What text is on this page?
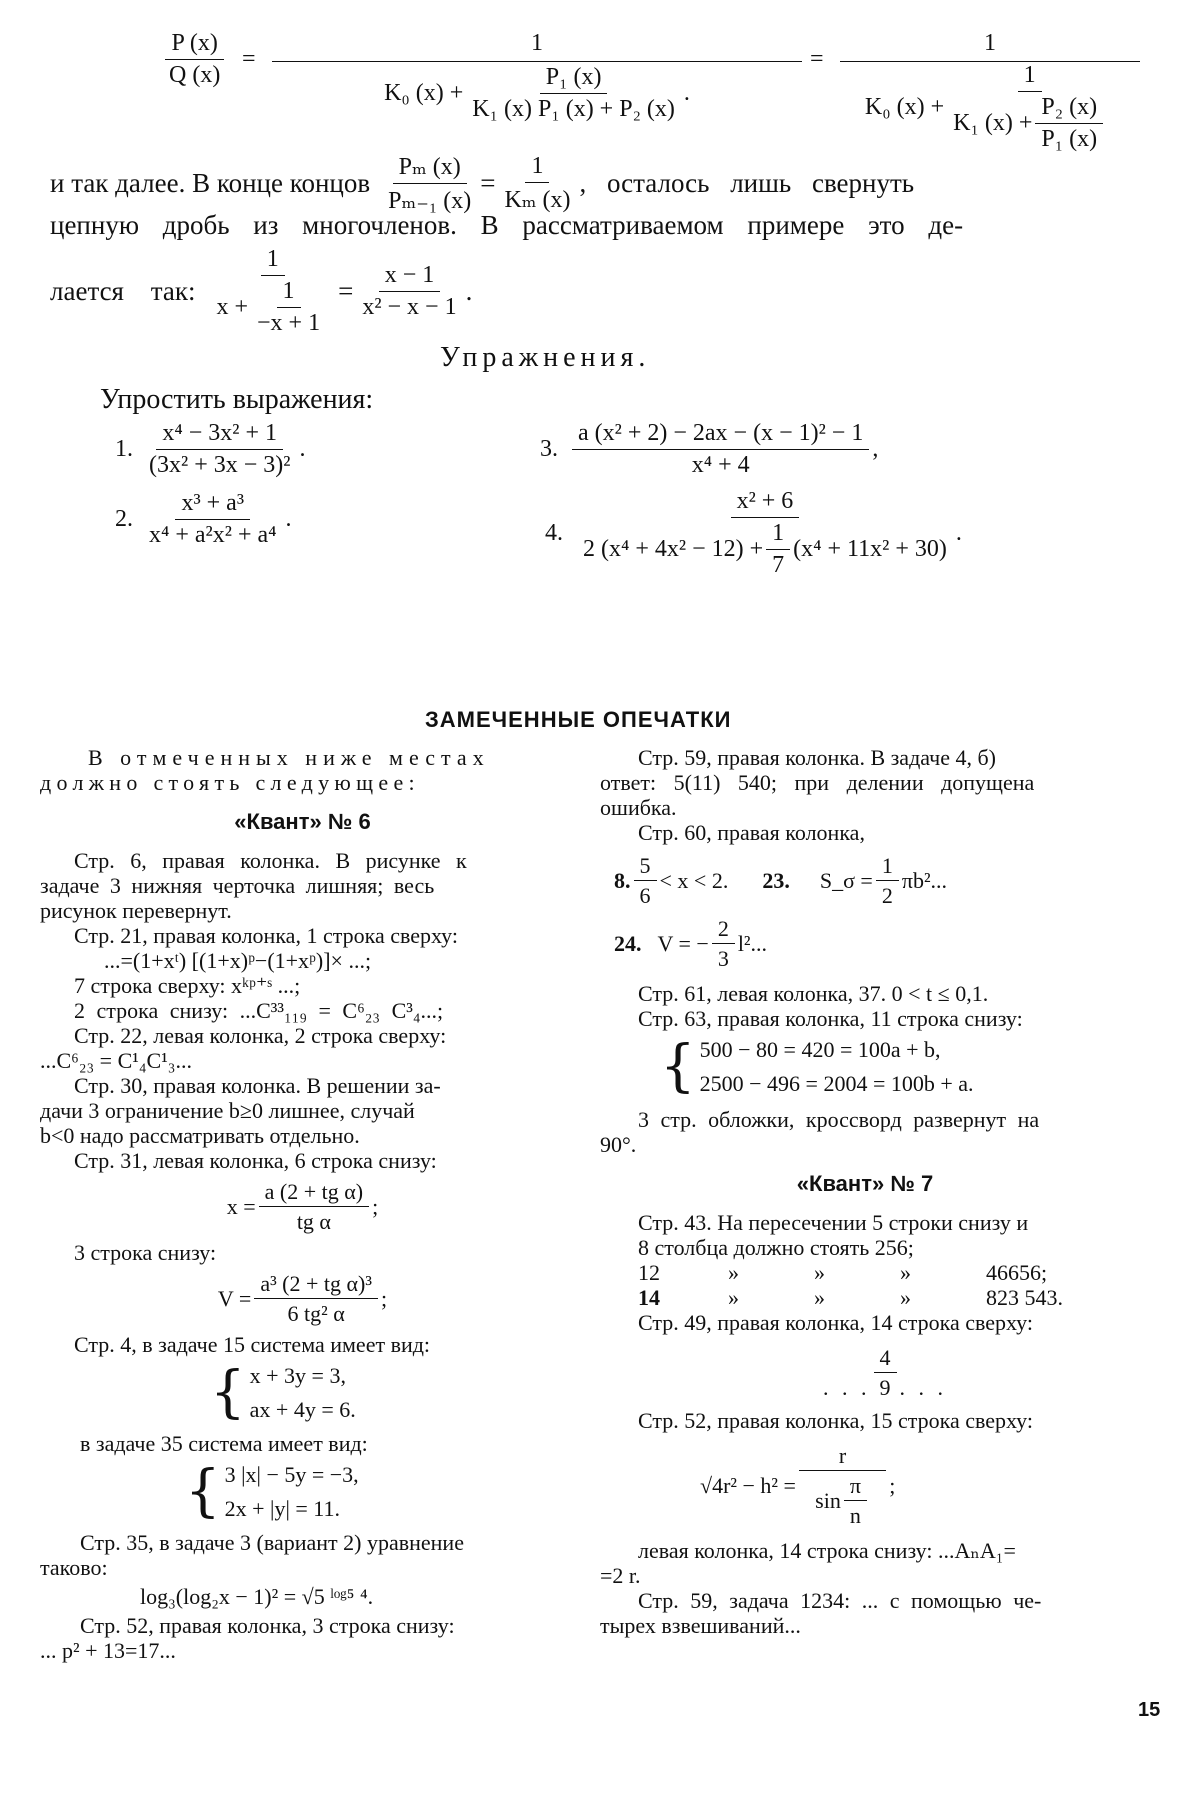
$\frac{P (x)}{Q (x)}$ =
1
K₀ $(x) + \frac{\text{P₁ (x)}}{\text{K₁ (x) P₁ (x) + P₂ (x)}}$ .
=
1
K₀ $(x) + \frac{1}{K_1 (x) + \frac{\text{P₂ (x)}}{\text{P₁ (x)}}}$
и так далее. В конце концов $\frac{\text{Pₘ (x)}}{\text{Pₘ₋₁ (x)}} = \frac{1}{\text{Kₘ (x)}}$ , осталось лишь свернуть
цепную дробь из многочленов. В рассматриваемом примере это де-
лается так: $\frac{1}{x + \frac{1}{-x + 1}} = \frac{x - 1}{\text{x² − x − 1}}$ .
Упражнения.
Упростить выражения:
1. $\frac{\text{x⁴ − 3x² + 1}}{\text{(3x² + 3x − 3)²}}$ .
2. $\frac{\text{x³ + a³}}{\text{x⁴ + a²x² + a⁴}}$ .
3. $\frac{\text{a (x² + 2) − 2ax − (x − 1)² − 1}}{\text{x⁴ + 4}}$ ,
4. $\frac{\text{x² + 6}}{2 (x^4 + 4x^2 - 12) + \frac{1}{7} (x^4 + 11x^2 + 30)}$ .
ЗАМЕЧЕННЫЕ ОПЕЧАТКИ
В отмеченных ниже местах
должно стоять следующее:
«Квант» № 6
Стр. 6, правая колонка. В рисунке к
задаче 3 нижняя черточка лишняя; весь
рисунок перевернут.
Стр. 21, правая колонка, 1 строка сверху:
...=(1+xᵗ) [(1+x)ᵖ−(1+xᵖ)]× ...;
7 строка сверху: xᵏᵖ⁺ˢ ...;
2 строка снизу: ...C³³₁₁₉ = C⁶₂₃ C³₄...;
Стр. 22, левая колонка, 2 строка сверху:
...C⁶₂₃ = C¹₄C¹₃...
Стр. 30, правая колонка. В решении за-
дачи 3 ограничение b≥0 лишнее, случай
b<0 надо рассматривать отдельно.
Стр. 31, левая колонка, 6 строка снизу:
$x = \frac{\text{a (2 + tg α)}}{\text{tg α}}$ ;
3 строка снизу:
$V = \frac{\text{a³ (2 + tg α)³}}{\text{6 tg² α}}$ ;
Стр. 4, в задаче 15 система имеет вид:
{ x + 3y = 3,
ax + 4y = 6.
в задаче 35 система имеет вид:
{ 3 |x| − 5y = −3,
2x + |y| = 11.
Стр. 35, в задаче 3 (вариант 2) уравнение
таково:
log₃(log₂x − 1)² = √5 ˡᵒᵍ⁵ ⁴.
Стр. 52, правая колонка, 3 строка снизу:
... p² + 13=17...
Стр. 59, правая колонка. В задаче 4, б)
ответ: 5(11) 540; при делении допущена
ошибка.
Стр. 60, правая колонка,
8. $\frac{5}{6} < x < 2$. 23. S_σ = $\frac{1}{2} \pi b^2$...
24. V = − $\frac{2}{3} l^2$...
Стр. 61, левая колонка, 37. 0 < t ≤ 0,1.
Стр. 63, правая колонка, 11 строка снизу:
{ 500 − 80 = 420 = 100a + b,
2500 − 496 = 2004 = 100b + a.
3 стр. обложки, кроссворд развернут на
90°.
«Квант» № 7
Стр. 43. На пересечении 5 строки снизу и
8 столбца должно стоять 256;
12	»	»	»	46656;
14	»	»	»	823 543.
Стр. 49, правая колонка, 14 строка сверху:
. . . $\frac{4}{9}$ . . .
Стр. 52, правая колонка, 15 строка сверху:
$√4r^2 - h^2 = \frac{r}{\sin \frac{\pi}{n}}$ ;
левая колонка, 14 строка снизу: ...AₙA₁=
=2 r.
Стр. 59, задача 1234: ... с помощью че-
тырех взвешиваний...
15
